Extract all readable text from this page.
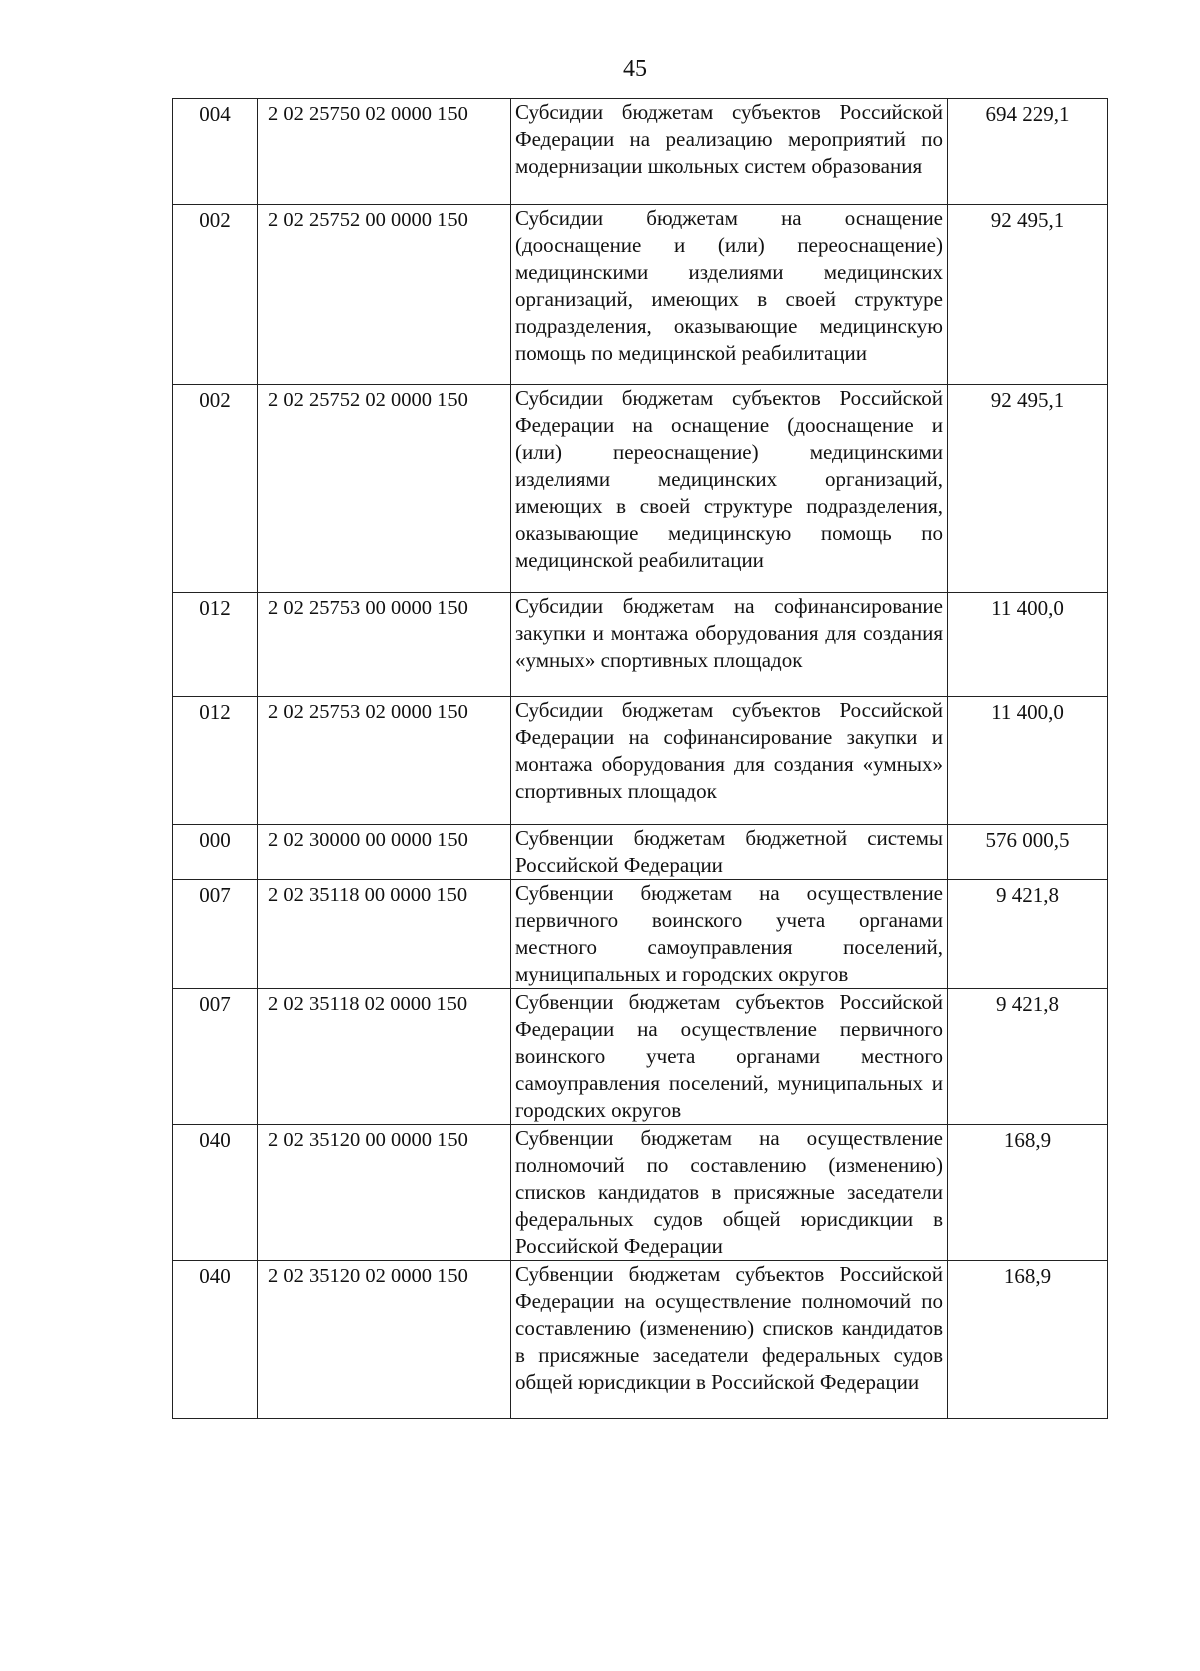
45
004	2 02 25750 02 0000 150	Субсидии бюджетам субъектов Российской Федерации на реализацию мероприятий по модернизации школьных систем образования	694 229,1
002	2 02 25752 00 0000 150	Субсидии бюджетам на оснащение (дооснащение и (или) переоснащение) медицинскими изделиями медицинских организаций, имеющих в своей структуре подразделения, оказывающие медицинскую помощь по медицинской реабилитации	92 495,1
002	2 02 25752 02 0000 150	Субсидии бюджетам субъектов Российской Федерации на оснащение (дооснащение и (или) переоснащение) медицинскими изделиями медицинских организаций, имеющих в своей структуре подразделения, оказывающие медицинскую помощь по медицинской реабилитации	92 495,1
012	2 02 25753 00 0000 150	Субсидии бюджетам на софинансирование закупки и монтажа оборудования для создания «умных» спортивных площадок	11 400,0
012	2 02 25753 02 0000 150	Субсидии бюджетам субъектов Российской Федерации на софинансирование закупки и монтажа оборудования для создания «умных» спортивных площадок	11 400,0
000	2 02 30000 00 0000 150	Субвенции бюджетам бюджетной системы Российской Федерации	576 000,5
007	2 02 35118 00 0000 150	Субвенции бюджетам на осуществление первичного воинского учета органами местного самоуправления поселений, муниципальных и городских округов	9 421,8
007	2 02 35118 02 0000 150	Субвенции бюджетам субъектов Российской Федерации на осуществление первичного воинского учета органами местного самоуправления поселений, муниципальных и городских округов	9 421,8
040	2 02 35120 00 0000 150	Субвенции бюджетам на осуществление полномочий по составлению (изменению) списков кандидатов в присяжные заседатели федеральных судов общей юрисдикции в Российской Федерации	168,9
040	2 02 35120 02 0000 150	Субвенции бюджетам субъектов Российской Федерации на осуществление полномочий по составлению (изменению) списков кандидатов в присяжные заседатели федеральных судов общей юрисдикции в Российской Федерации	168,9
